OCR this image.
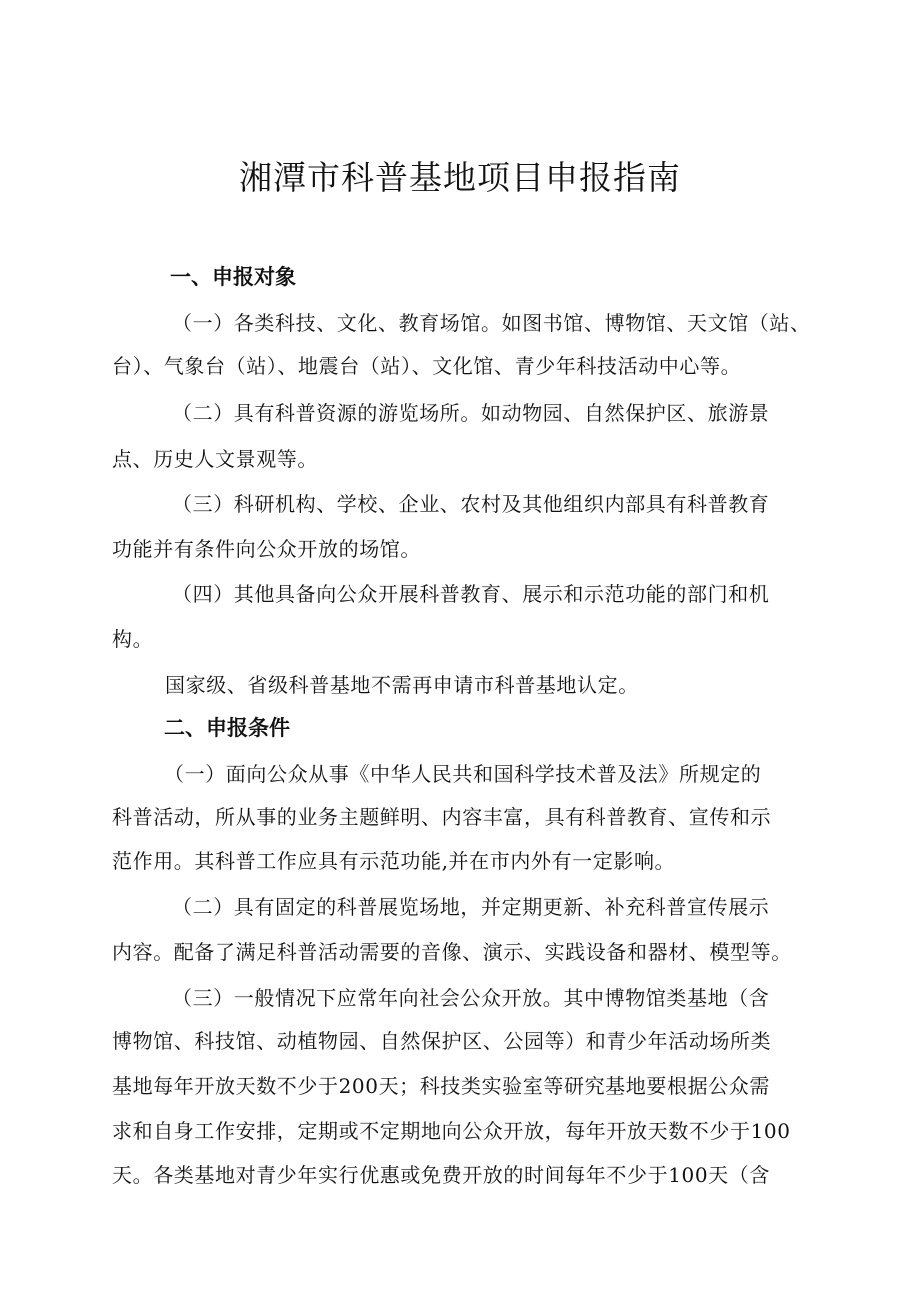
湘潭市科普基地项目申报指南
一、申报对象

（一）各类科技、文化、教育场馆。如图书馆、博物馆、天文馆（站、

台）、气象台（站）、地震台（站）、文化馆、青少年科技活动中心等。

（二）具有科普资源的游览场所。如动物园、自然保护区、旅游景

点、历史人文景观等。

（三）科研机构、学校、企业、农村及其他组织内部具有科普教育

功能并有条件向公众开放的场馆。

（四）其他具备向公众开展科普教育、展示和示范功能的部门和机

构。

国家级、省级科普基地不需再申请市科普基地认定。

二、申报条件

（一）面向公众从事《中华人民共和国科学技术普及法》所规定的

科普活动，所从事的业务主题鲜明、内容丰富，具有科普教育、宣传和示

范作用。其科普工作应具有示范功能,并在市内外有一定影响。

（二）具有固定的科普展览场地，并定期更新、补充科普宣传展示

内容。配备了满足科普活动需要的音像、演示、实践设备和器材、模型等。

（三）一般情况下应常年向社会公众开放。其中博物馆类基地（含

博物馆、科技馆、动植物园、自然保护区、公园等）和青少年活动场所类

基地每年开放天数不少于200天；科技类实验室等研究基地要根据公众需

求和自身工作安排，定期或不定期地向公众开放，每年开放天数不少于100

天。各类基地对青少年实行优惠或免费开放的时间每年不少于100天（含
